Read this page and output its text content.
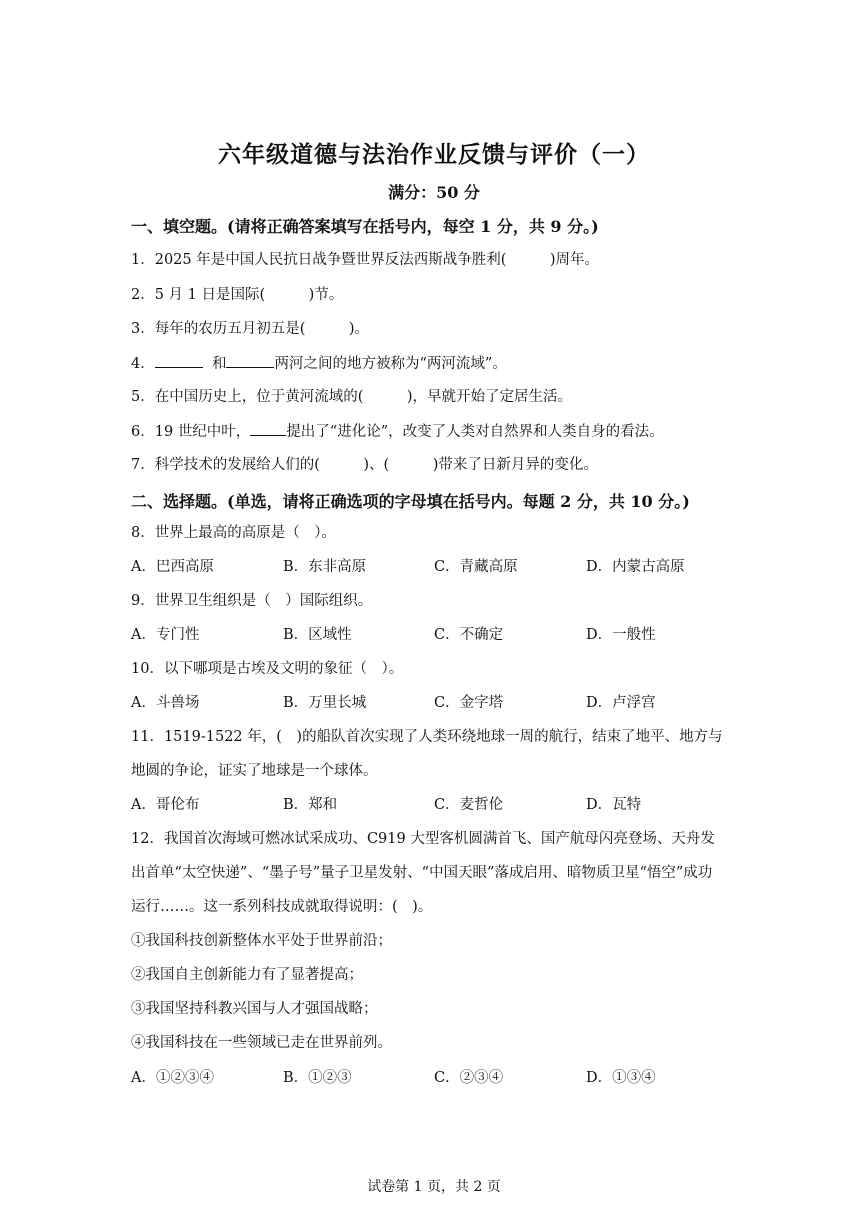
六年级道德与法治作业反馈与评价（一）
满分：50 分
一、填空题。(请将正确答案填写在括号内，每空 1 分，共 9 分。)
1．2025 年是中国人民抗日战争暨世界反法西斯战争胜利(　　　)周年。
2．5 月 1 日是国际(　　　)节。
3．每年的农历五月初五是(　　　)。
4．	和	两河之间的地方被称为“两河流域”。
5．在中国历史上，位于黄河流域的(　　　)，早就开始了定居生活。
6．19 世纪中叶， 提出了“进化论”，改变了人类对自然界和人类自身的看法。
7．科学技术的发展给人们的(　　　)、(　　　)带来了日新月异的变化。
二、选择题。(单选，请将正确选项的字母填在括号内。每题 2 分，共 10 分。)
8．世界上最高的高原是（　）。
A．巴西高原	B．东非高原	C．青藏高原	D．内蒙古高原
9．世界卫生组织是（　）国际组织。
A．专门性	B．区域性	C．不确定	D．一般性
10．以下哪项是古埃及文明的象征（　）。
A．斗兽场	B．万里长城	C．金字塔	D．卢浮宫
11．1519-1522 年，(　)的船队首次实现了人类环绕地球一周的航行，结束了地平、地方与
地圆的争论，证实了地球是一个球体。
A．哥伦布	B．郑和	C．麦哲伦	D．瓦特
12．我国首次海域可燃冰试采成功、C919 大型客机圆满首飞、国产航母闪亮登场、天舟发
出首单“太空快递”、“墨子号”量子卫星发射、“中国天眼”落成启用、暗物质卫星“悟空”成功
运行……。这一系列科技成就取得说明：(　)。
①我国科技创新整体水平处于世界前沿；
②我国自主创新能力有了显著提高；
③我国坚持科教兴国与人才强国战略；
④我国科技在一些领域已走在世界前列。
A．①②③④	B．①②③	C．②③④	D．①③④
试卷第 1 页，共 2 页
